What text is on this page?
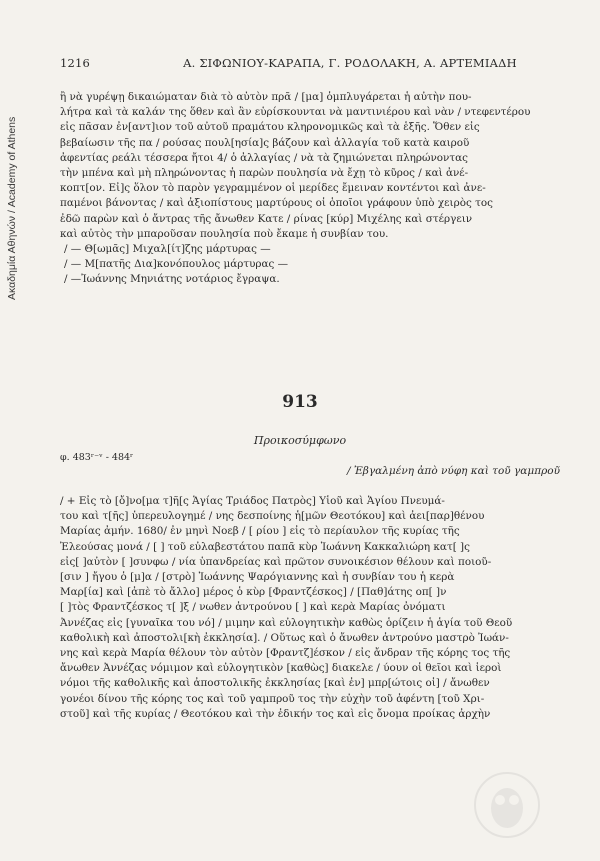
Ακαδημία Αθηνών / Academy of Athens
1216	Α. ΣΙΦΩΝΙΟΥ-ΚΑΡΑΠΑ, Γ. ΡΟΔΟΛΑΚΗ, Α. ΑΡΤΕΜΙΑΔΗ

ἢ νὰ γυρέψῃ δικαιώματαν διὰ τὸ αὐτὸν πρᾶ / [μα] ὁμπλυγάρεται ἡ αὐτὴν που-

λήτρα καὶ τὰ καλάν της ὅθεν καὶ ἂν εὑρίσκουνται νὰ μαντινιέρου καὶ νὰν / ντεφεντέρου

εἰς πᾶσαν ἐν[αντ]ιον τοῦ αὐτοῦ πραμάτου κληρονομικῶς καὶ τὰ ἑξῆς. Ὅθεν εἰς

βεβαίωσιν τῆς πα / ρούσας πουλ[ησία]ς βάζουν καὶ ἀλλαγία τοῦ κατὰ καιροῦ

ἀφεντίας ρεάλι τέσσερα ἤτοι 4/ ὁ ἀλλαγίας / νὰ τὰ ζημιώνεται πληρώνοντας

τὴν μπένα καὶ μὴ πληρώνοντας ἡ παρὼν πουλησία νὰ ἔχῃ τὸ κῦρος / καὶ ἀνέ-

κοπτ[ον. Εἰ]ς ὅλον τὸ παρὸν γεγραμμένον οἱ μερίδες ἔμειναν κοντέντοι καὶ ἀνε-

παμένοι βάνοντας / καὶ ἀξιοπίστους μαρτύρους οἱ ὁποῖοι γράφουν ὑπὸ χειρὸς τος

ἐδῶ παρὼν καὶ ὁ ἄντρας τῆς ἄνωθεν Κατε / ρίνας [κύρ] Μιχέλης καὶ στέργειν

καὶ αὐτὸς τὴν μπαροῦσαν πουλησία ποὺ ἔκαμε ἡ συνβίαν του.

/ — Θ[ωμᾶς] Μιχαλ[ίτ]ζης μάρτυρας —

/ — Μ[πατῆς Δια]κονόπουλος μάρτυρας —

/ —Ἰωάννης Μηνιάτης νοτάριος ἔγραψα.

913
Προικοσύμφωνο
φ. 483ʳ⁻ᵛ - 484ʳ
/ Ἐβγαλμένη ἀπὸ νύφη καὶ τοῦ γαμπροῦ

/ + Εἰς τὸ [ὄ]νο[μα τ]ῆ[ς Ἁγίας Τριάδος Πατρὸς] Υἱοῦ καὶ Ἁγίου Πνευμά-

του καὶ τ[ῆς] ὑπερευλογημέ / νης δεσποίνης ἡ[μῶν Θεοτόκου] καὶ ἀει[παρ]θένου

Μαρίας ἀμήν. 1680/ ἐν μηνὶ Νοεβ / [ ρίου ] εἰς τὸ περίαυλον τῆς κυρίας τῆς

Ἐλεούσας μονά / [ ] τοῦ εὐλαβεστάτου παπᾶ κὺρ Ἰωάννη Κακκαλιώρη κατ[ ]ς

εἰς[ ]αὐτὸν [ ]συνφω / νία ὑπανδρείας καὶ πρῶτον συνοικέσιον θέλουν καὶ ποιοῦ-

[σιν ] ἤγου ὁ [μ]α / [στρὸ] Ἰωάννης Ψαρόγιαννης καὶ ἡ συνβίαν του ἡ κερὰ

Μαρ[ία] καὶ [ἀπὲ τὸ ἄλλο] μέρος ὁ κὺρ [Φραντζέσκος] / [Παθ]άτης οπ[ ]ν

[ ]τὸς Φραντζέσκος τ[ ]ξ / νωθεν ἀντρούνου [ ] καὶ κερὰ Μαρίας ὀνόματι

Ἀννέζας εἰς [γυναῖκα του νό] / μιμην καὶ εὐλογητικὴν καθὼς ὁρίζειν ἡ ἁγία τοῦ Θεοῦ

καθολικὴ καὶ ἀποστολι[κὴ ἐκκλησία]. / Οὕτως καὶ ὁ ἄνωθεν ἀντρούνο μαστρὸ Ἰωάν-

νης καὶ κερὰ Μαρία θέλουν τὸν αὐτὸν [Φραντζ]έσκον / εἰς ἄνδραν τῆς κόρης τος τῆς

ἄνωθεν Ἀννέζας νόμιμον καὶ εὐλογητικὸν [καθὼς] διακελε / ύουν οἱ θεῖοι καὶ ἱεροὶ

νόμοι τῆς καθολικῆς καὶ ἀποστολικῆς ἐκκλησίας [καὶ ἐν] μπρ[ώτοις οἱ] / ἄνωθεν

γονέοι δίνου τῆς κόρης τος καὶ τοῦ γαμπροῦ τος τὴν εὐχὴν τοῦ ἀφέντη [τοῦ Χρι-

στοῦ] καὶ τῆς κυρίας / Θεοτόκου καὶ τὴν ἐδικήν τος καὶ εἰς ὄνομα προίκας ἀρχὴν
